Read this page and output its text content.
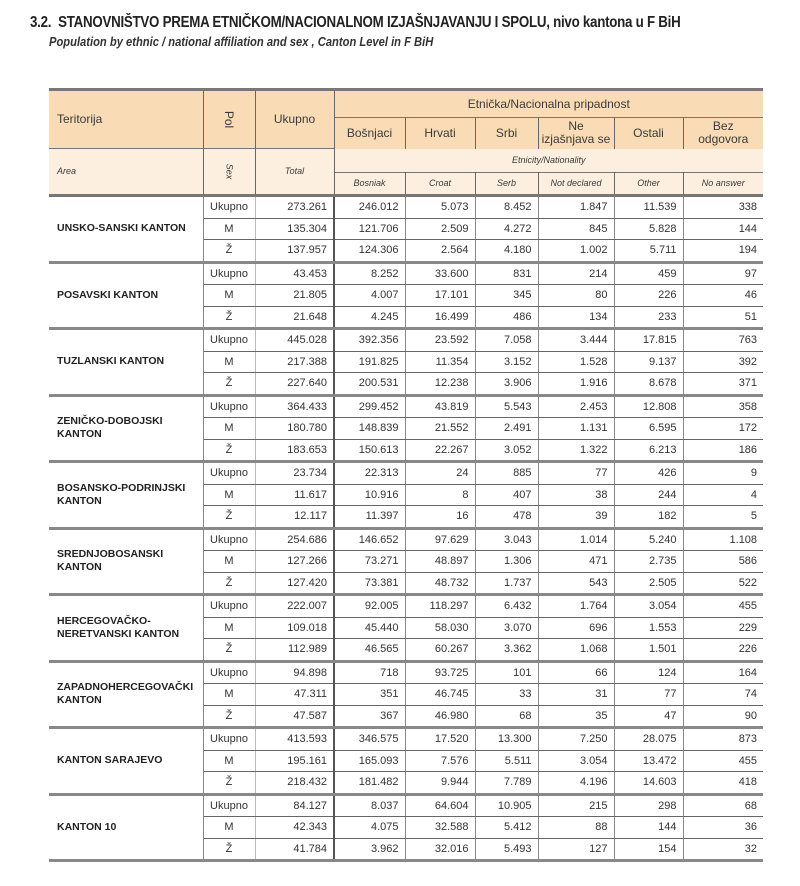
3.2. STANOVNIŠTVO PREMA ETNIČKOM/NACIONALNOM IZJAŠNJAVANJU I SPOLU, nivo kantona u F BiH
Population by ethnic / national affiliation and sex , Canton Level in F BiH
Teritorija	Pol	Ukupno	Etnička/Nacionalna pripadnost					
			Bošnjaci	Hrvati	Srbi	Ne izjašnjava se	Ostali	Bez odgovora
Area	Sex	Total	Etnicity/Nationality					
			Bosniak	Croat	Serb	Not declared	Other	No answer
UNSKO-SANSKI KANTON	Ukupno	273.261	246.012	5.073	8.452	1.847	11.539	338
	M	135.304	121.706	2.509	4.272	845	5.828	144
	Ž	137.957	124.306	2.564	4.180	1.002	5.711	194
POSAVSKI KANTON	Ukupno	43.453	8.252	33.600	831	214	459	97
	M	21.805	4.007	17.101	345	80	226	46
	Ž	21.648	4.245	16.499	486	134	233	51
TUZLANSKI KANTON	Ukupno	445.028	392.356	23.592	7.058	3.444	17.815	763
	M	217.388	191.825	11.354	3.152	1.528	9.137	392
	Ž	227.640	200.531	12.238	3.906	1.916	8.678	371
ZENIČKO-DOBOJSKI KANTON	Ukupno	364.433	299.452	43.819	5.543	2.453	12.808	358
	M	180.780	148.839	21.552	2.491	1.131	6.595	172
	Ž	183.653	150.613	22.267	3.052	1.322	6.213	186
BOSANSKO-PODRINJSKI KANTON	Ukupno	23.734	22.313	24	885	77	426	9
	M	11.617	10.916	8	407	38	244	4
	Ž	12.117	11.397	16	478	39	182	5
SREDNJOBOSANSKI KANTON	Ukupno	254.686	146.652	97.629	3.043	1.014	5.240	1.108
	M	127.266	73.271	48.897	1.306	471	2.735	586
	Ž	127.420	73.381	48.732	1.737	543	2.505	522
HERCEGOVAČKO-NERETVANSKI KANTON	Ukupno	222.007	92.005	118.297	6.432	1.764	3.054	455
	M	109.018	45.440	58.030	3.070	696	1.553	229
	Ž	112.989	46.565	60.267	3.362	1.068	1.501	226
ZAPADNOHERCEGOVAČKI KANTON	Ukupno	94.898	718	93.725	101	66	124	164
	M	47.311	351	46.745	33	31	77	74
	Ž	47.587	367	46.980	68	35	47	90
KANTON SARAJEVO	Ukupno	413.593	346.575	17.520	13.300	7.250	28.075	873
	M	195.161	165.093	7.576	5.511	3.054	13.472	455
	Ž	218.432	181.482	9.944	7.789	4.196	14.603	418
KANTON 10	Ukupno	84.127	8.037	64.604	10.905	215	298	68
	M	42.343	4.075	32.588	5.412	88	144	36
	Ž	41.784	3.962	32.016	5.493	127	154	32
